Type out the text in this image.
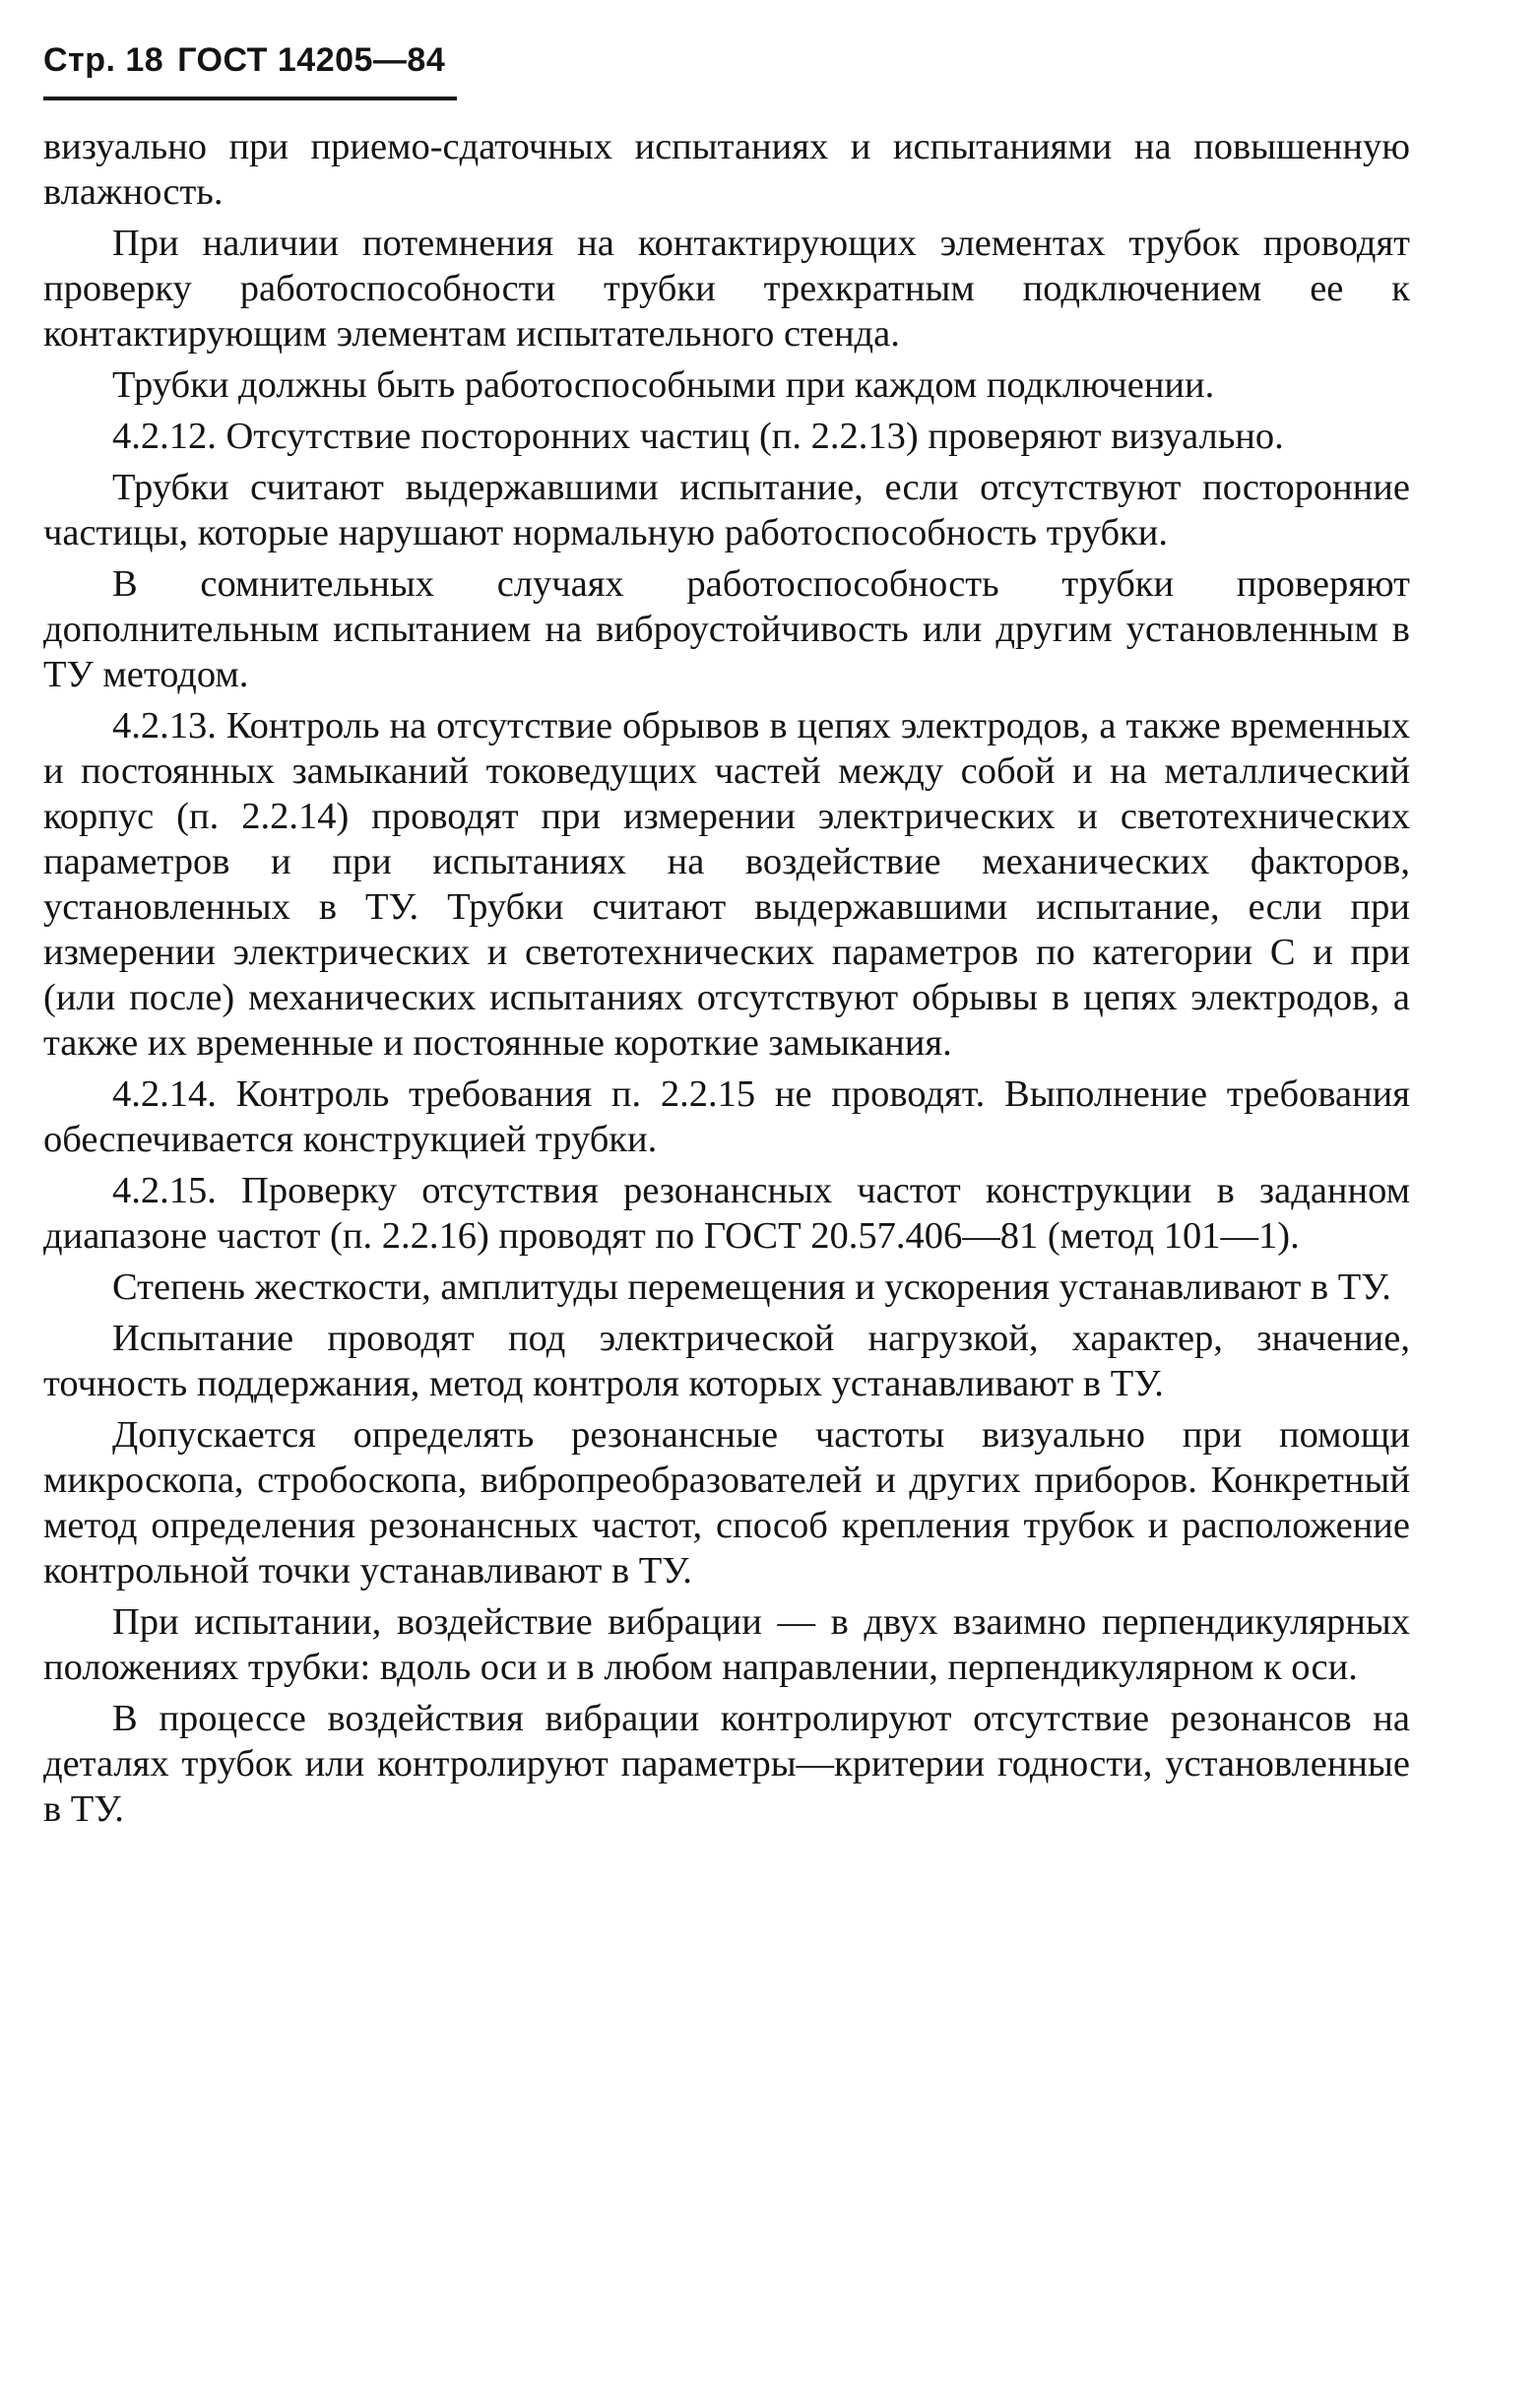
Стр. 18 ГОСТ 14205—84

визуально при приемо-сдаточных испытаниях и испытаниями на повышенную влажность.

При наличии потемнения на контактирующих элементах трубок проводят проверку работоспособности трубки трехкратным подключением ее к контактирующим элементам испытательного стенда.

Трубки должны быть работоспособными при каждом подключении.

4.2.12. Отсутствие посторонних частиц (п. 2.2.13) проверяют визуально.

Трубки считают выдержавшими испытание, если отсутствуют посторонние частицы, которые нарушают нормальную работоспособность трубки.

В сомнительных случаях работоспособность трубки проверяют дополнительным испытанием на виброустойчивость или другим установленным в ТУ методом.

4.2.13. Контроль на отсутствие обрывов в цепях электродов, а также временных и постоянных замыканий токоведущих частей между собой и на металлический корпус (п. 2.2.14) проводят при измерении электрических и светотехнических параметров и при испытаниях на воздействие механических факторов, установленных в ТУ. Трубки считают выдержавшими испытание, если при измерении электрических и светотехнических параметров по категории С и при (или после) механических испытаниях отсутствуют обрывы в цепях электродов, а также их временные и постоянные короткие замыкания.

4.2.14. Контроль требования п. 2.2.15 не проводят. Выполнение требования обеспечивается конструкцией трубки.

4.2.15. Проверку отсутствия резонансных частот конструкции в заданном диапазоне частот (п. 2.2.16) проводят по ГОСТ 20.57.406—81 (метод 101—1).

Степень жесткости, амплитуды перемещения и ускорения устанавливают в ТУ.

Испытание проводят под электрической нагрузкой, характер, значение, точность поддержания, метод контроля которых устанавливают в ТУ.

Допускается определять резонансные частоты визуально при помощи микроскопа, стробоскопа, вибропреобразователей и других приборов. Конкретный метод определения резонансных частот, способ крепления трубок и расположение контрольной точки устанавливают в ТУ.

При испытании, воздействие вибрации — в двух взаимно перпендикулярных положениях трубки: вдоль оси и в любом направлении, перпендикулярном к оси.

В процессе воздействия вибрации контролируют отсутствие резонансов на деталях трубок или контролируют параметры—критерии годности, установленные в ТУ.
